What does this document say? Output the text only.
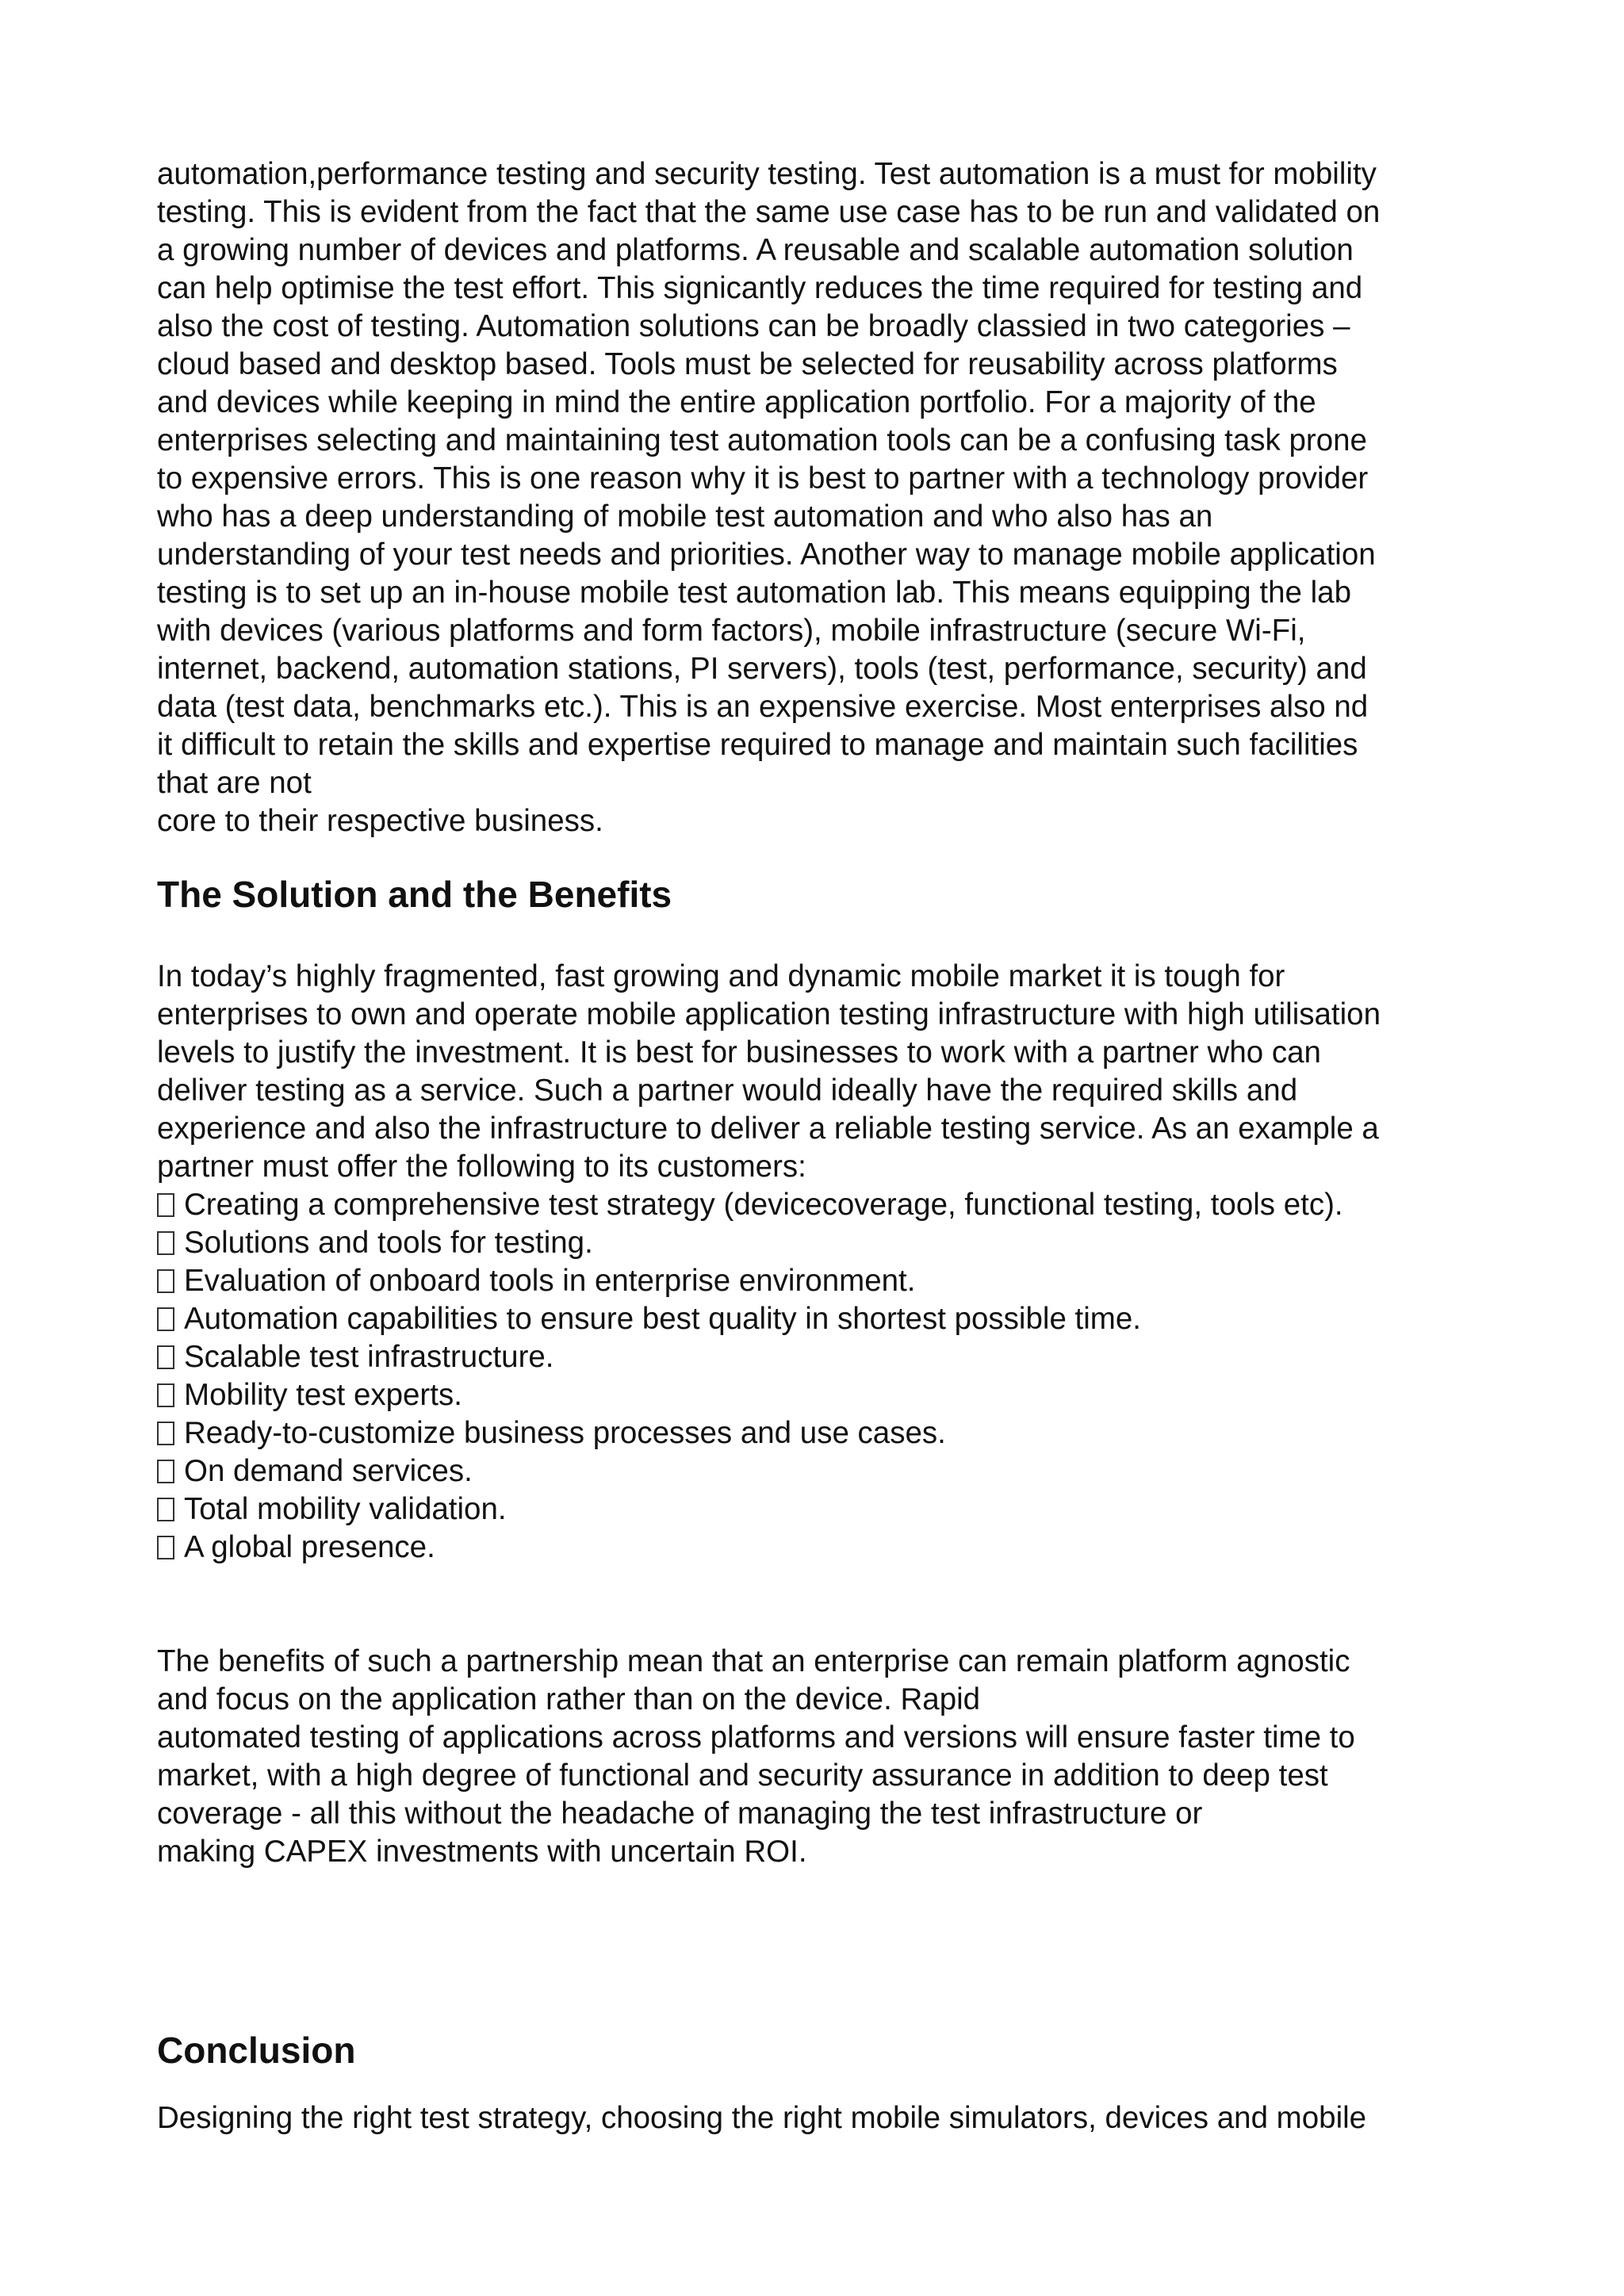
automation,performance testing and security testing. Test automation is a must for mobility
testing. This is evident from the fact that the same use case has to be run and validated on
a growing number of devices and platforms. A reusable and scalable automation solution
can help optimise the test effort. This signicantly reduces the time required for testing and
also the cost of testing. Automation solutions can be broadly classied in two categories –
cloud based and desktop based. Tools must be selected for reusability across platforms
and devices while keeping in mind the entire application portfolio. For a majority of the
enterprises selecting and maintaining test automation tools can be a confusing task prone
to expensive errors. This is one reason why it is best to partner with a technology provider
who has a deep understanding of mobile test automation and who also has an
understanding of your test needs and priorities. Another way to manage mobile application
testing is to set up an in-house mobile test automation lab. This means equipping the lab
with devices (various platforms and form factors), mobile infrastructure (secure Wi-Fi,
internet, backend, automation stations, PI servers), tools (test, performance, security) and
data (test data, benchmarks etc.). This is an expensive exercise. Most enterprises also nd
it difficult to retain the skills and expertise required to manage and maintain such facilities
that are not
core to their respective business.

The Solution and the Benefits

In today’s highly fragmented, fast growing and dynamic mobile market it is tough for
enterprises to own and operate mobile application testing infrastructure with high utilisation
levels to justify the investment. It is best for businesses to work with a partner who can
deliver testing as a service. Such a partner would ideally have the required skills and
experience and also the infrastructure to deliver a reliable testing service. As an example a
partner must offer the following to its customers:

Creating a comprehensive test strategy (devicecoverage, functional testing, tools etc).
Solutions and tools for testing.
Evaluation of onboard tools in enterprise environment.
Automation capabilities to ensure best quality in shortest possible time.
Scalable test infrastructure.
Mobility test experts.
Ready-to-customize business processes and use cases.
On demand services.
Total mobility validation.
A global presence.

The benefits of such a partnership mean that an enterprise can remain platform agnostic
and focus on the application rather than on the device. Rapid
automated testing of applications across platforms and versions will ensure faster time to
market, with a high degree of functional and security assurance in addition to deep test
coverage - all this without the headache of managing the test infrastructure or
making CAPEX investments with uncertain ROI.

Conclusion

Designing the right test strategy, choosing the right mobile simulators, devices and mobile
